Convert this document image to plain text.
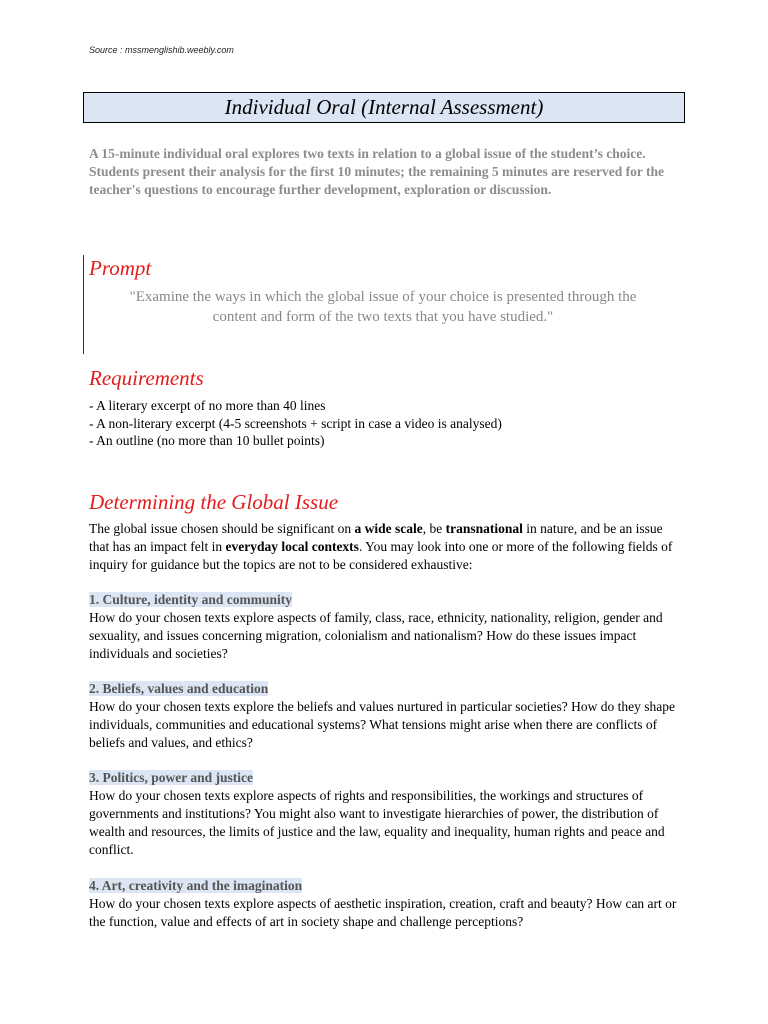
Source : mssmenglishib.weebly.com
Individual Oral (Internal Assessment)

A 15-minute individual oral explores two texts in relation to a global issue of the student’s choice. Students present their analysis for the first 10 minutes; the remaining 5 minutes are reserved for the teacher's questions to encourage further development, exploration or discussion.

Prompt

"Examine the ways in which the global issue of your choice is presented through the
content and form of the two texts that you have studied."

Requirements
- A literary excerpt of no more than 40 lines
- A non-literary excerpt (4-5 screenshots + script in case a video is analysed)
- An outline (no more than 10 bullet points)
Determining the Global Issue

The global issue chosen should be significant on a wide scale, be transnational in nature, and be an issue that has an impact felt in everyday local contexts. You may look into one or more of the following fields of inquiry for guidance but the topics are not to be considered exhaustive:

1. Culture, identity and community
How do your chosen texts explore aspects of family, class, race, ethnicity, nationality, religion, gender and sexuality, and issues concerning migration, colonialism and nationalism? How do these issues impact individuals and societies?
2. Beliefs, values and education
How do your chosen texts explore the beliefs and values nurtured in particular societies? How do they shape individuals, communities and educational systems? What tensions might arise when there are conflicts of beliefs and values, and ethics?
3. Politics, power and justice
How do your chosen texts explore aspects of rights and responsibilities, the workings and structures of governments and institutions? You might also want to investigate hierarchies of power, the distribution of wealth and resources, the limits of justice and the law, equality and inequality, human rights and peace and conflict.
4. Art, creativity and the imagination
How do your chosen texts explore aspects of aesthetic inspiration, creation, craft and beauty? How can art or the function, value and effects of art in society shape and challenge perceptions?
